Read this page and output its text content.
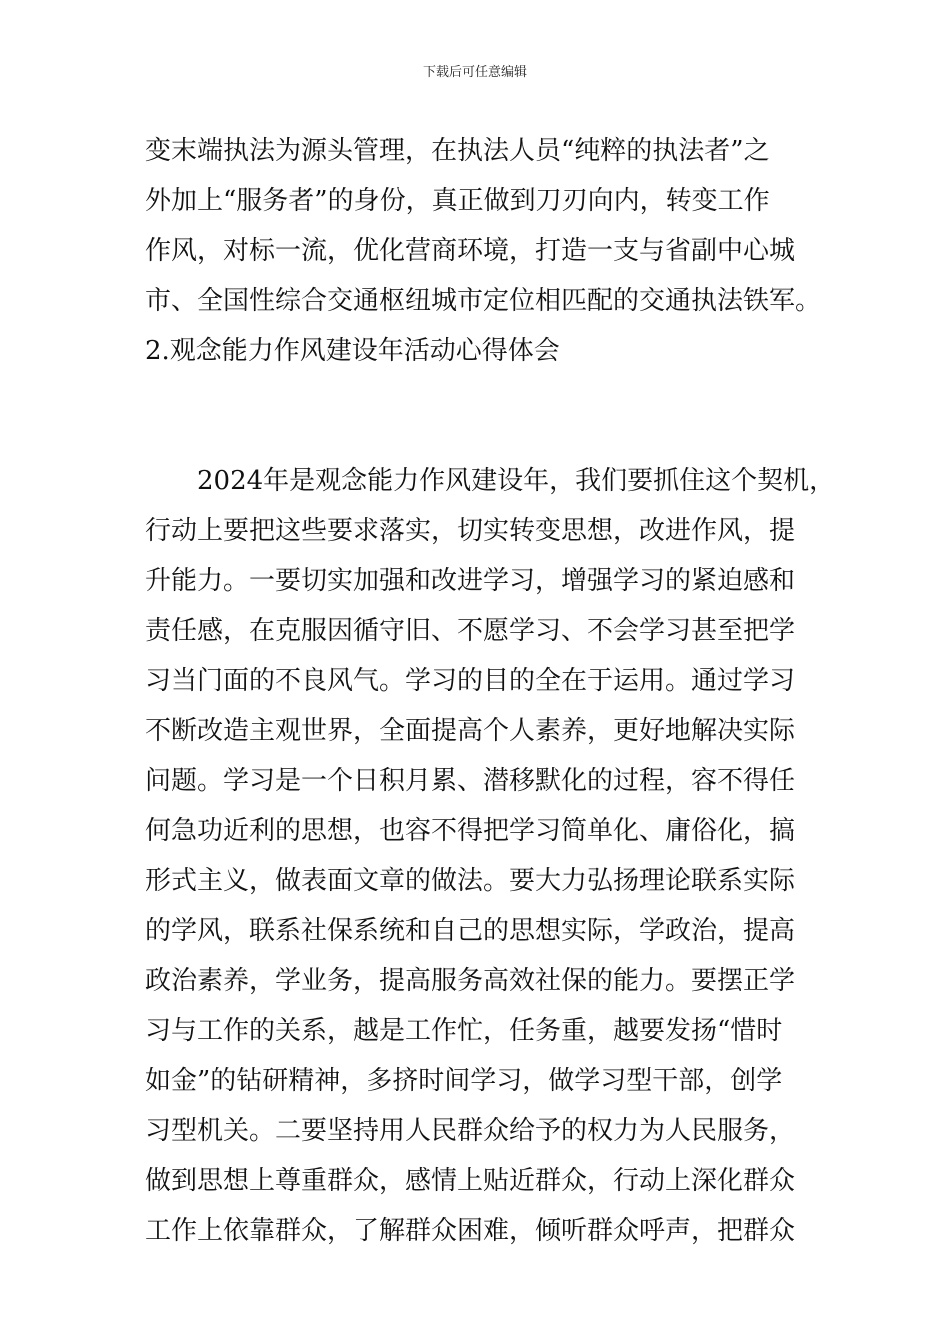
下载后可任意编辑
变末端执法为源头管理，在执法人员“纯粹的执法者”之
外加上“服务者”的身份，真正做到刀刃向内，转变工作
作风，对标一流，优化营商环境，打造一支与省副中心城
市、全国性综合交通枢纽城市定位相匹配的交通执法铁军。
2.观念能力作风建设年活动心得体会
　　2024年是观念能力作风建设年，我们要抓住这个契机，
行动上要把这些要求落实，切实转变思想，改进作风，提
升能力。一要切实加强和改进学习，增强学习的紧迫感和
责任感，在克服因循守旧、不愿学习、不会学习甚至把学
习当门面的不良风气。学习的目的全在于运用。通过学习
不断改造主观世界，全面提高个人素养，更好地解决实际
问题。学习是一个日积月累、潜移默化的过程，容不得任
何急功近利的思想，也容不得把学习简单化、庸俗化，搞
形式主义，做表面文章的做法。要大力弘扬理论联系实际
的学风，联系社保系统和自己的思想实际，学政治，提高
政治素养，学业务，提高服务高效社保的能力。要摆正学
习与工作的关系，越是工作忙，任务重，越要发扬“惜时
如金”的钻研精神，多挤时间学习，做学习型干部，创学
习型机关。二要坚持用人民群众给予的权力为人民服务，
做到思想上尊重群众，感情上贴近群众，行动上深化群众
工作上依靠群众，了解群众困难，倾听群众呼声，把群众
